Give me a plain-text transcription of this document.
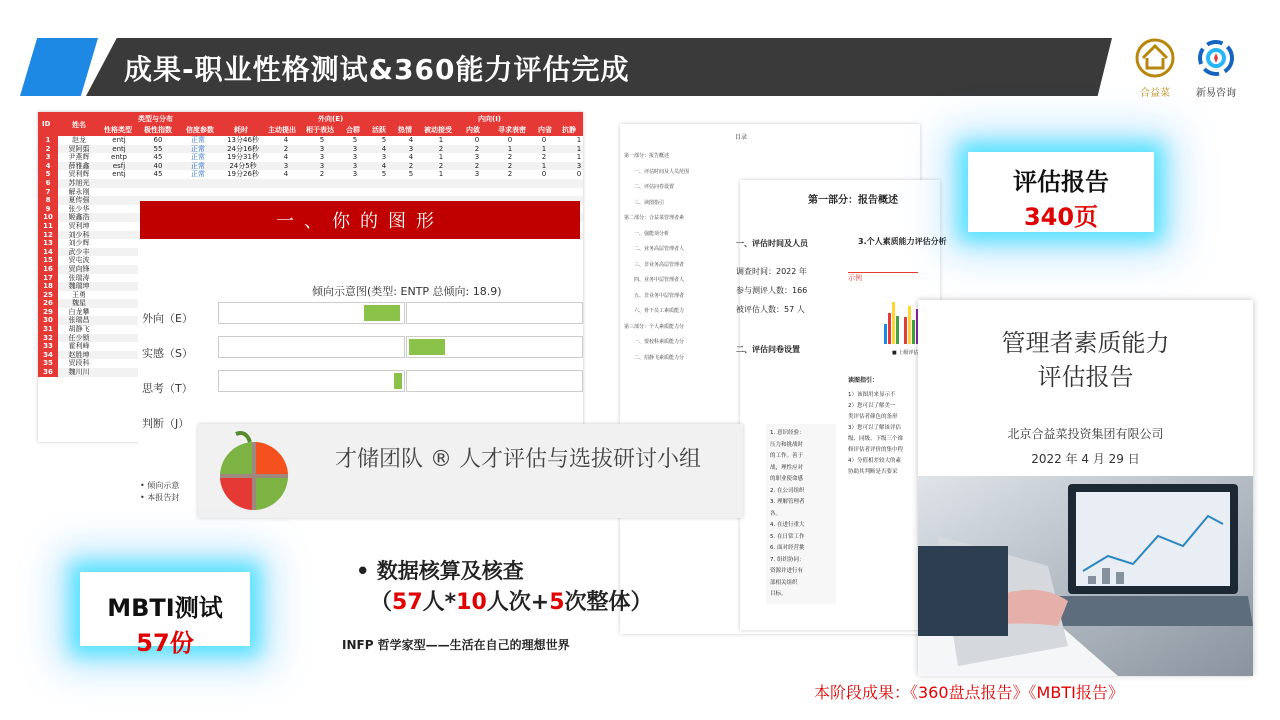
成果-职业性格测试&360能力评估完成
合益菜	新易咨询
ID	姓名
类型与分布	外向(E)	内向(I)
性格类型 极性指数 信度参数	耗时	主动提出 相于表达 合群 活跃 热情 被动接受 内敛	寻求表密 内省 抗静
1	赵龙	entj	60	正常	13分46秒	4	5	5	5	4	1	0	0	0	1
2	贸阿翦	entj	55	正常	24分16秒	2	3	3	4	3	2	2	1	1	1
3	尹燕辉	entp	45	正常	19分31秒	4	3	3	3	4	1	3	2	2	1
4	薛雅鑫	esfj	40	正常	24分5秒	3	3	3	4	2	2	2	2	1	3
5	贸利辉	entj	45	正常	19分26秒	4	2	3	5	5	1	3	2	0	0
6	苏旭光
7	解永刚
8	夏传强
9	张少华
10 姬鑫浩
11 贸利坤
12 刘少科
13 刘少辉
14 武少丰
15 贸屯波
16 贸向锋
17 张瑞涛
18 魏瑞坤
25	王勇
26	魏星
29 白龙攀
30 张瑞昌
31 胡静飞
32 任少锁
33 霍利峰
34 赵胜坤
35 贸段科
36 魏川川
一、你的图形
倾向示意图(类型: ENTP 总倾向: 18.9)
外向（E）
实感（S）
思考（T）
判断（J）
• 倾向示意
• 本报告封
目录
第一部分：报告概述
一、评估时间及人员范围
二、评估问卷设置
三、读图指引
第二部分：合益菜管理者素
一、强能项分析
二、业务高层管理者人
三、非业务高层管理者
四、业务中层管理者人
五、非业务中层管理者
六、骨干员工素质能力
第三部分：个人素质能力分
一、要校科素质能力分
二、招静飞素质能力分
第一部分：报告概述
一、评估时间及人员
调查时间：2022 年
参与测评人数：166
被评估人数：57 人
二、评估问卷设置
3.个人素质能力评估分析
示例
■ 上级评估
读图指引：
1）该图用来显示不
2）您可以了解美一
类评估者颜色的条形
3）您可以了解该评估
级、同级、下级三个维
修评估者评价的集中程
4）分值相差较大的素
协助其判断是否要采
1. 意识经验：
压力和挑战时
的工作。善于
战，理性应对
的职业使命感
2. 在公司组织
3. 理解管理者
各。
4. 在进行重大
5. 在日常工作
6. 面对经营挑
7. 组织协同：
资源并进行有
部相关组织
目标。
管理者素质能力
评估报告
北京合益菜投资集团有限公司
2022 年 4 月 29 日
评估报告
340页
才储团队 ® 人才评估与选拔研讨小组
MBTI测试
57份
• 数据核算及核查
（57人*10人次+5次整体）
INFP 哲学家型——生活在自己的理想世界
本阶段成果：《360盘点报告》《MBTI报告》
